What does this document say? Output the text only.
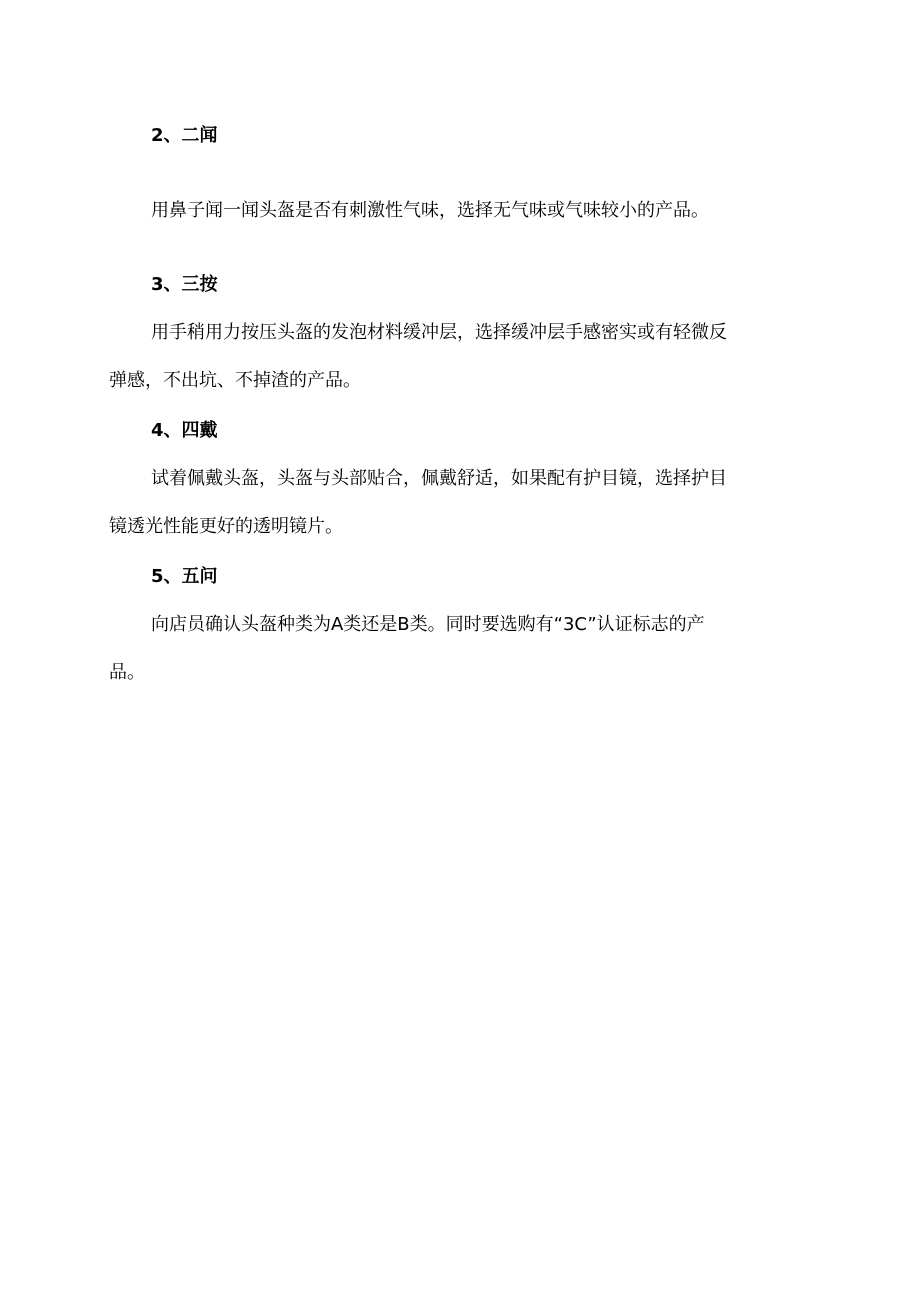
2、二闻
用鼻子闻一闻头盔是否有刺激性气味，选择无气味或气味较小的产品。
3、三按
用手稍用力按压头盔的发泡材料缓冲层，选择缓冲层手感密实或有轻微反
弹感，不出坑、不掉渣的产品。
4、四戴
试着佩戴头盔，头盔与头部贴合，佩戴舒适，如果配有护目镜，选择护目
镜透光性能更好的透明镜片。
5、五问
向店员确认头盔种类为A类还是B类。同时要选购有“3C”认证标志的产
品。
